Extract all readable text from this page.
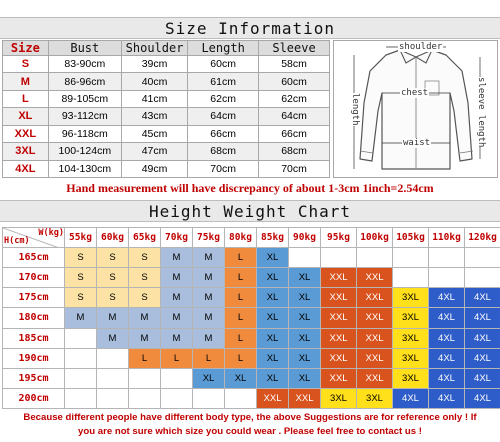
Size Information
Size	Bust	Shoulder	Length	Sleeve
S	83-90cm	39cm	60cm	58cm
M	86-96cm	40cm	61cm	60cm
L	89-105cm	41cm	62cm	62cm
XL	93-112cm	43cm	64cm	64cm
XXL	96-118cm	45cm	66cm	66cm
3XL	100-124cm	47cm	68cm	68cm
4XL	104-130cm	49cm	70cm	70cm
shoulder
chest
waist
length	sleeve length
Hand measurement will have discrepancy of about 1-3cm 1inch=2.54cm
Height Weight Chart
H(cm)
W(kg)	55kg	60kg	65kg	70kg	75kg	80kg	85kg	90kg	95kg	100kg	105kg	110kg	120kg
165cm	S	S	S	M	M	L	XL						
170cm	S	S	S	M	M	L	XL	XL	XXL	XXL			
175cm	S	S	S	M	M	L	XL	XL	XXL	XXL	3XL	4XL	4XL
180cm	M	M	M	M	M	L	XL	XL	XXL	XXL	3XL	4XL	4XL
185cm		M	M	M	M	L	XL	XL	XXL	XXL	3XL	4XL	4XL
190cm			L	L	L	L	XL	XL	XXL	XXL	3XL	4XL	4XL
195cm					XL	XL	XL	XL	XXL	XXL	3XL	4XL	4XL
200cm							XXL	XXL	3XL	3XL	4XL	4XL	4XL
Because different people have different body type, the above Suggestions are for reference only ! If
you are not sure which size you could wear . Please feel free to contact us !
